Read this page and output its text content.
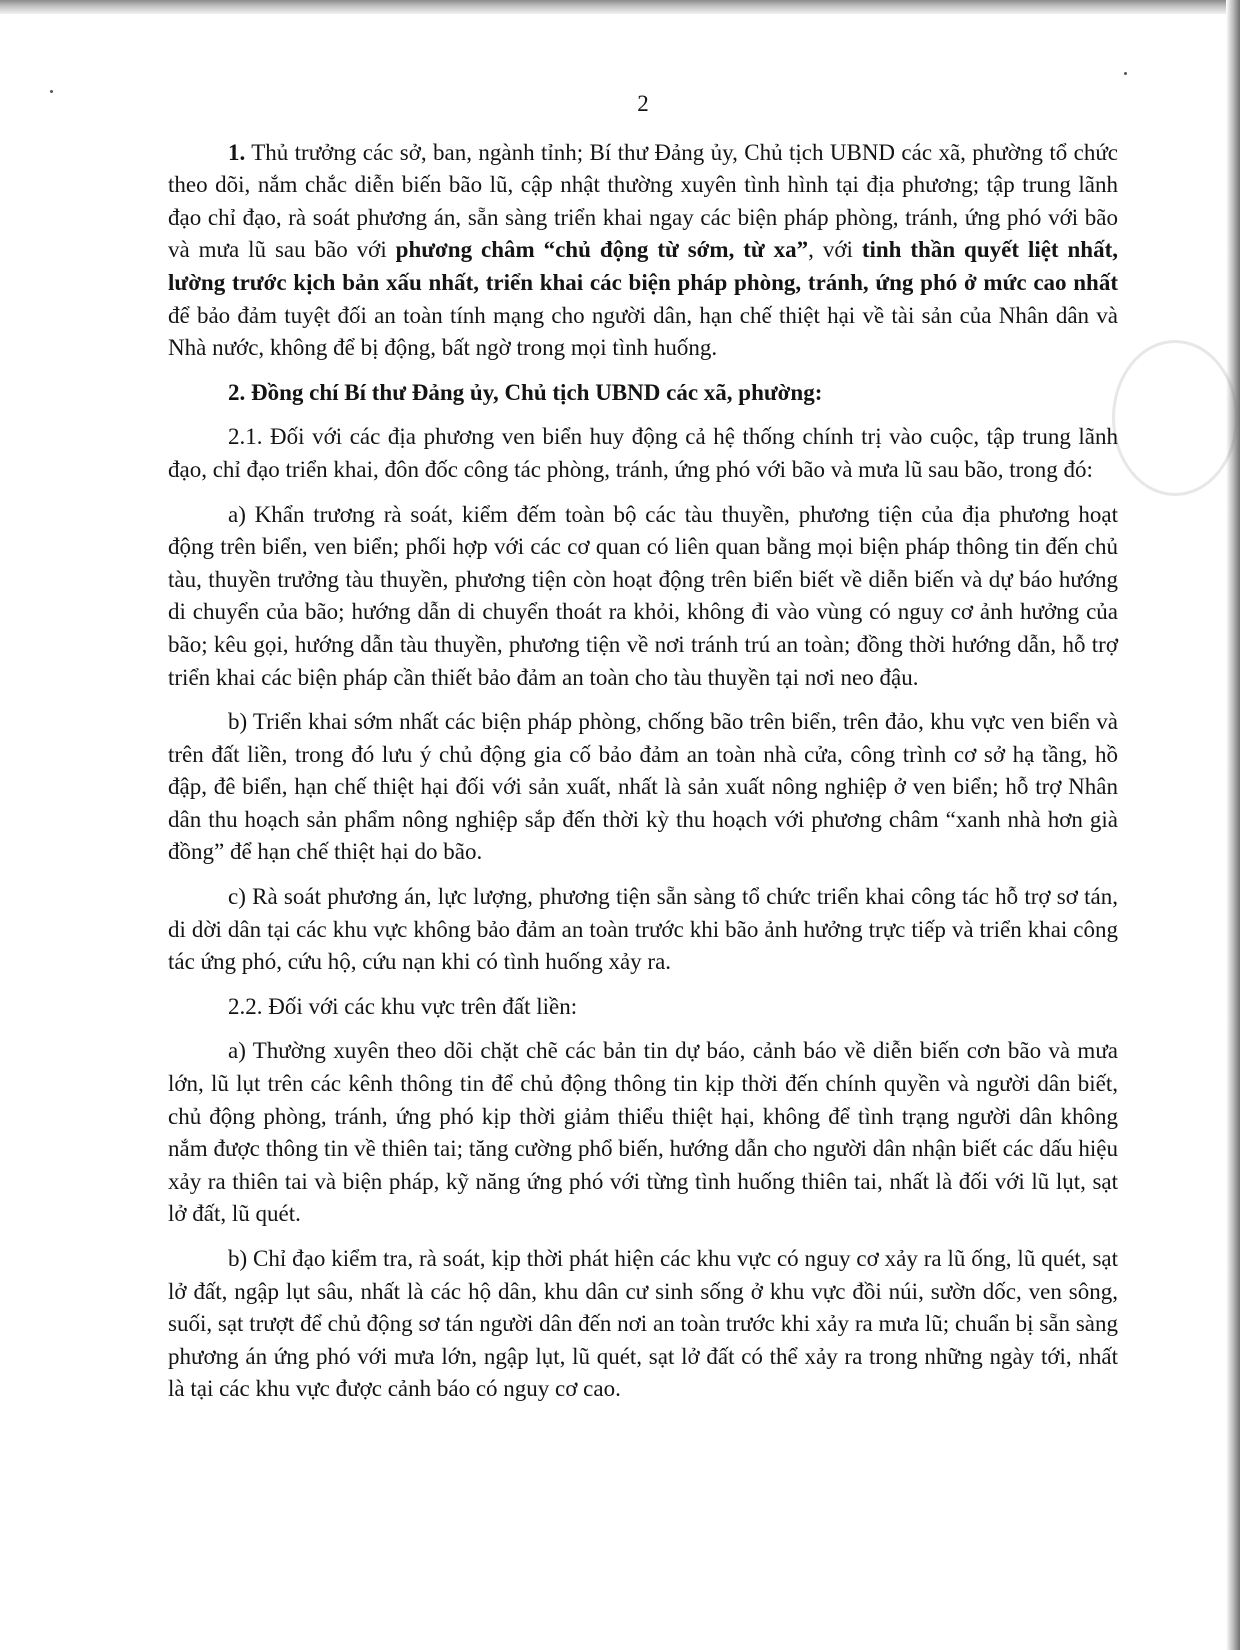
2

1. Thủ trưởng các sở, ban, ngành tỉnh; Bí thư Đảng ủy, Chủ tịch UBND các xã, phường tổ chức theo dõi, nắm chắc diễn biến bão lũ, cập nhật thường xuyên tình hình tại địa phương; tập trung lãnh đạo chỉ đạo, rà soát phương án, sẵn sàng triển khai ngay các biện pháp phòng, tránh, ứng phó với bão và mưa lũ sau bão với phương châm “chủ động từ sớm, từ xa”, với tinh thần quyết liệt nhất, lường trước kịch bản xấu nhất, triển khai các biện pháp phòng, tránh, ứng phó ở mức cao nhất để bảo đảm tuyệt đối an toàn tính mạng cho người dân, hạn chế thiệt hại về tài sản của Nhân dân và Nhà nước, không để bị động, bất ngờ trong mọi tình huống.

2. Đồng chí Bí thư Đảng ủy, Chủ tịch UBND các xã, phường:

2.1. Đối với các địa phương ven biển huy động cả hệ thống chính trị vào cuộc, tập trung lãnh đạo, chỉ đạo triển khai, đôn đốc công tác phòng, tránh, ứng phó với bão và mưa lũ sau bão, trong đó:

a) Khẩn trương rà soát, kiểm đếm toàn bộ các tàu thuyền, phương tiện của địa phương hoạt động trên biển, ven biển; phối hợp với các cơ quan có liên quan bằng mọi biện pháp thông tin đến chủ tàu, thuyền trưởng tàu thuyền, phương tiện còn hoạt động trên biển biết về diễn biến và dự báo hướng di chuyển của bão; hướng dẫn di chuyển thoát ra khỏi, không đi vào vùng có nguy cơ ảnh hưởng của bão; kêu gọi, hướng dẫn tàu thuyền, phương tiện về nơi tránh trú an toàn; đồng thời hướng dẫn, hỗ trợ triển khai các biện pháp cần thiết bảo đảm an toàn cho tàu thuyền tại nơi neo đậu.

b) Triển khai sớm nhất các biện pháp phòng, chống bão trên biển, trên đảo, khu vực ven biển và trên đất liền, trong đó lưu ý chủ động gia cố bảo đảm an toàn nhà cửa, công trình cơ sở hạ tầng, hồ đập, đê biển, hạn chế thiệt hại đối với sản xuất, nhất là sản xuất nông nghiệp ở ven biển; hỗ trợ Nhân dân thu hoạch sản phẩm nông nghiệp sắp đến thời kỳ thu hoạch với phương châm “xanh nhà hơn già đồng” để hạn chế thiệt hại do bão.

c) Rà soát phương án, lực lượng, phương tiện sẵn sàng tổ chức triển khai công tác hỗ trợ sơ tán, di dời dân tại các khu vực không bảo đảm an toàn trước khi bão ảnh hưởng trực tiếp và triển khai công tác ứng phó, cứu hộ, cứu nạn khi có tình huống xảy ra.

2.2. Đối với các khu vực trên đất liền:

a) Thường xuyên theo dõi chặt chẽ các bản tin dự báo, cảnh báo về diễn biến cơn bão và mưa lớn, lũ lụt trên các kênh thông tin để chủ động thông tin kịp thời đến chính quyền và người dân biết, chủ động phòng, tránh, ứng phó kịp thời giảm thiểu thiệt hại, không để tình trạng người dân không nắm được thông tin về thiên tai; tăng cường phổ biến, hướng dẫn cho người dân nhận biết các dấu hiệu xảy ra thiên tai và biện pháp, kỹ năng ứng phó với từng tình huống thiên tai, nhất là đối với lũ lụt, sạt lở đất, lũ quét.

b) Chỉ đạo kiểm tra, rà soát, kịp thời phát hiện các khu vực có nguy cơ xảy ra lũ ống, lũ quét, sạt lở đất, ngập lụt sâu, nhất là các hộ dân, khu dân cư sinh sống ở khu vực đồi núi, sườn dốc, ven sông, suối, sạt trượt để chủ động sơ tán người dân đến nơi an toàn trước khi xảy ra mưa lũ; chuẩn bị sẵn sàng phương án ứng phó với mưa lớn, ngập lụt, lũ quét, sạt lở đất có thể xảy ra trong những ngày tới, nhất là tại các khu vực được cảnh báo có nguy cơ cao.
